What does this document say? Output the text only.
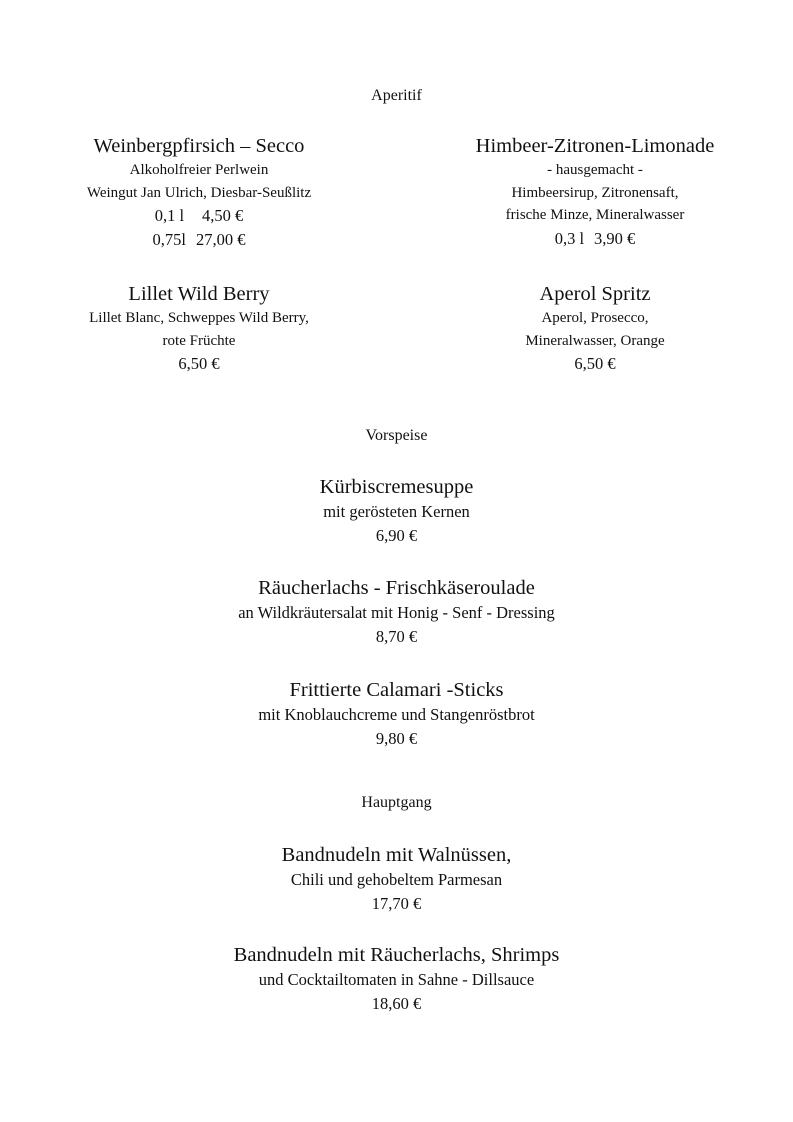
Aperitif
Weinbergpfirsich – Secco
Alkoholfreier Perlwein
Weingut Jan Ulrich, Diesbar-Seußlitz
0,1 l 4,50 €
0,75l 27,00 €
Himbeer-Zitronen-Limonade
- hausgemacht -
Himbeersirup, Zitronensaft,
frische Minze, Mineralwasser
0,3 l 3,90 €
Lillet Wild Berry
Lillet Blanc, Schweppes Wild Berry,
rote Früchte
6,50 €
Aperol Spritz
Aperol, Prosecco,
Mineralwasser, Orange
6,50 €
Vorspeise
Kürbiscremesuppe
mit gerösteten Kernen
6,90 €
Räucherlachs - Frischkäseroulade
an Wildkräutersalat mit Honig - Senf - Dressing
8,70 €
Frittierte Calamari -Sticks
mit Knoblauchcreme und Stangenröstbrot
9,80 €
Hauptgang
Bandnudeln mit Walnüssen,
Chili und gehobeltem Parmesan
17,70 €
Bandnudeln mit Räucherlachs, Shrimps
und Cocktailtomaten in Sahne - Dillsauce
18,60 €
